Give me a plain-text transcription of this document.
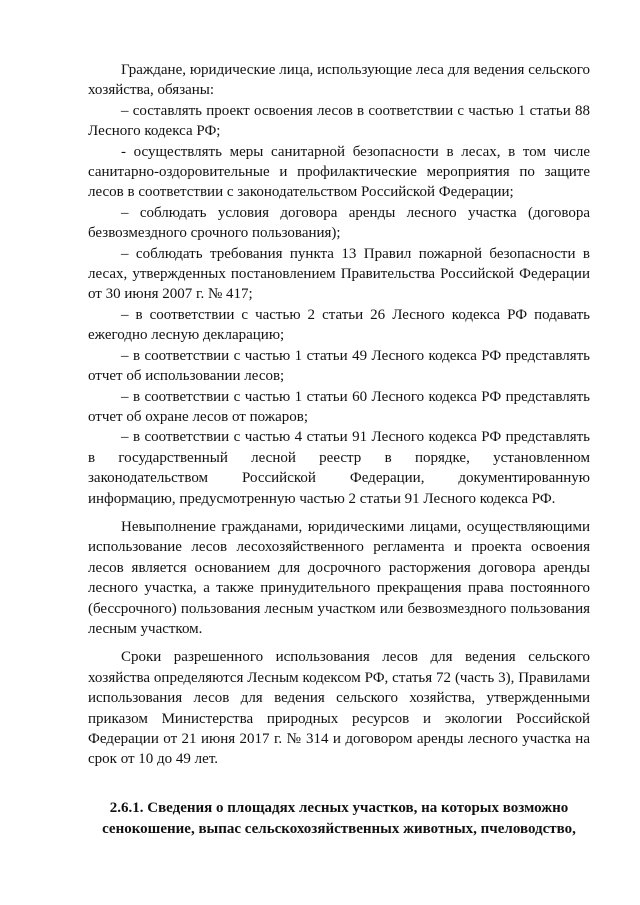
Граждане, юридические лица, использующие леса для ведения сельского хозяйства, обязаны:

– составлять проект освоения лесов в соответствии с частью 1 статьи 88 Лесного кодекса РФ;

- осуществлять меры санитарной безопасности в лесах, в том числе санитарно-оздоровительные и профилактические мероприятия по защите лесов в соответствии с законодательством Российской Федерации;

– соблюдать условия договора аренды лесного участка (договора безвозмездного срочного пользования);

– соблюдать требования пункта 13 Правил пожарной безопасности в лесах, утвержденных постановлением Правительства Российской Федерации от 30 июня 2007 г. № 417;

– в соответствии с частью 2 статьи 26 Лесного кодекса РФ подавать ежегодно лесную декларацию;

– в соответствии с частью 1 статьи 49 Лесного кодекса РФ представлять отчет об использовании лесов;

– в соответствии с частью 1 статьи 60 Лесного кодекса РФ представлять отчет об охране лесов от пожаров;

– в соответствии с частью 4 статьи 91 Лесного кодекса РФ представлять в государственный лесной реестр в порядке, установленном законодательством Российской Федерации, документированную информацию, предусмотренную частью 2 статьи 91 Лесного кодекса РФ.

Невыполнение гражданами, юридическими лицами, осуществляющими использование лесов лесохозяйственного регламента и проекта освоения лесов является основанием для досрочного расторжения договора аренды лесного участка, а также принудительного прекращения права постоянного (бессрочного) пользования лесным участком или безвозмездного пользования лесным участком.

Сроки разрешенного использования лесов для ведения сельского хозяйства определяются Лесным кодексом РФ, статья 72 (часть 3), Правилами использования лесов для ведения сельского хозяйства, утвержденными приказом Министерства природных ресурсов и экологии Российской Федерации от 21 июня 2017 г. № 314 и договором аренды лесного участка на срок от 10 до 49 лет.

2.6.1. Сведения о площадях лесных участков, на которых возможно сенокошение, выпас сельскохозяйственных животных, пчеловодство,
